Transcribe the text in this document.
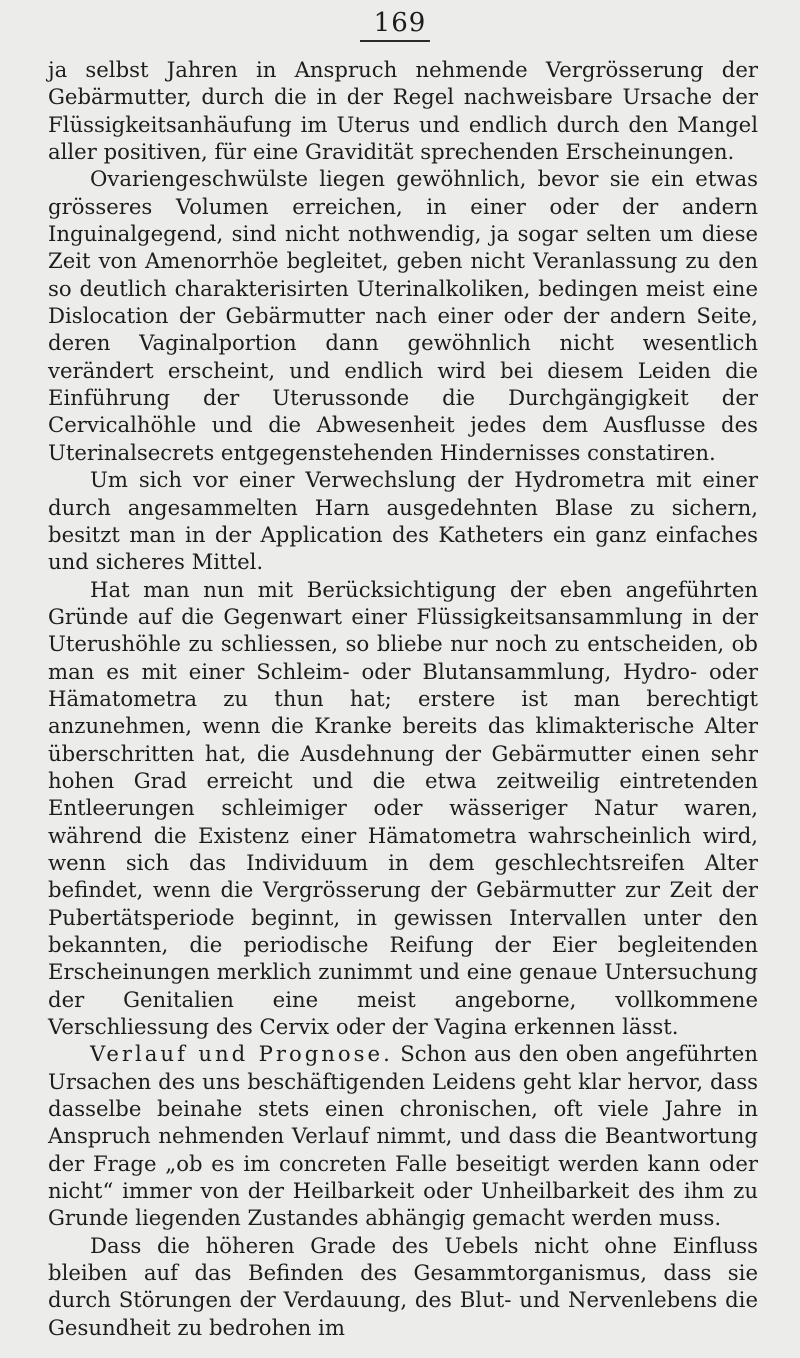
169

ja selbst Jahren in Anspruch nehmende Vergrösserung der Gebärmutter, durch die in der Regel nachweisbare Ursache der Flüssigkeitsanhäufung im Uterus und endlich durch den Mangel aller positiven, für eine Gravidität sprechenden Erscheinungen.

Ovariengeschwülste liegen gewöhnlich, bevor sie ein etwas grösseres Volumen erreichen, in einer oder der andern Inguinalgegend, sind nicht nothwendig, ja sogar selten um diese Zeit von Amenorrhöe begleitet, geben nicht Veranlassung zu den so deutlich charakterisirten Uterinalkoliken, bedingen meist eine Dislocation der Gebärmutter nach einer oder der andern Seite, deren Vaginalportion dann gewöhnlich nicht wesentlich verändert erscheint, und endlich wird bei diesem Leiden die Einführung der Uterussonde die Durchgängigkeit der Cervicalhöhle und die Abwesenheit jedes dem Ausflusse des Uterinalsecrets entgegenstehenden Hindernisses constatiren.

Um sich vor einer Verwechslung der Hydrometra mit einer durch angesammelten Harn ausgedehnten Blase zu sichern, besitzt man in der Application des Katheters ein ganz einfaches und sicheres Mittel.

Hat man nun mit Berücksichtigung der eben angeführten Gründe auf die Gegenwart einer Flüssigkeitsansammlung in der Uterushöhle zu schliessen, so bliebe nur noch zu entscheiden, ob man es mit einer Schleim- oder Blutansammlung, Hydro- oder Hämatometra zu thun hat; erstere ist man berechtigt anzunehmen, wenn die Kranke bereits das klimakterische Alter überschritten hat, die Ausdehnung der Gebärmutter einen sehr hohen Grad erreicht und die etwa zeitweilig eintretenden Entleerungen schleimiger oder wässeriger Natur waren, während die Existenz einer Hämatometra wahrscheinlich wird, wenn sich das Individuum in dem geschlechtsreifen Alter befindet, wenn die Vergrösserung der Gebärmutter zur Zeit der Pubertätsperiode beginnt, in gewissen Intervallen unter den bekannten, die periodische Reifung der Eier begleitenden Erscheinungen merklich zunimmt und eine genaue Untersuchung der Genitalien eine meist angeborne, vollkommene Verschliessung des Cervix oder der Vagina erkennen lässt.

Verlauf und Prognose. Schon aus den oben angeführten Ursachen des uns beschäftigenden Leidens geht klar hervor, dass dasselbe beinahe stets einen chronischen, oft viele Jahre in Anspruch nehmenden Verlauf nimmt, und dass die Beantwortung der Frage „ob es im concreten Falle beseitigt werden kann oder nicht“ immer von der Heilbarkeit oder Unheilbarkeit des ihm zu Grunde liegenden Zustandes abhängig gemacht werden muss.

Dass die höheren Grade des Uebels nicht ohne Einfluss bleiben auf das Befinden des Gesammtorganismus, dass sie durch Störungen der Verdauung, des Blut- und Nervenlebens die Gesundheit zu bedrohen im
